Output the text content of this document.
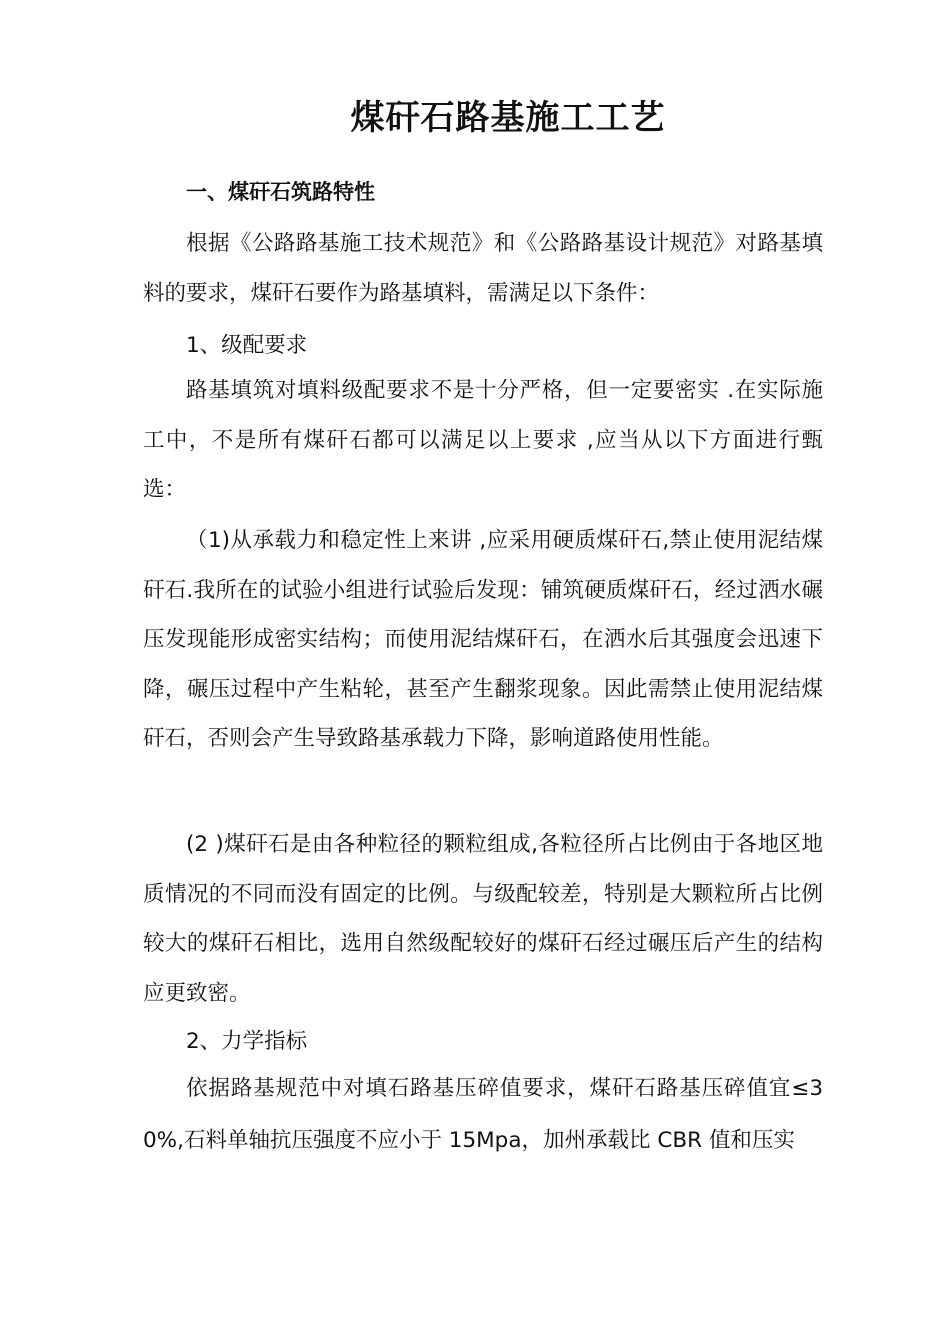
煤矸石路基施工工艺
一、煤矸石筑路特性

根据《公路路基施工技术规范》和《公路路基设计规范》对路基填料的要求，煤矸石要作为路基填料，需满足以下条件：

1、级配要求

路基填筑对填料级配要求不是十分严格，但一定要密实 .在实际施工中，不是所有煤矸石都可以满足以上要求 ,应当从以下方面进行甄选：

（1)从承载力和稳定性上来讲 ,应采用硬质煤矸石,禁止使用泥结煤矸石.我所在的试验小组进行试验后发现：铺筑硬质煤矸石，经过洒水碾压发现能形成密实结构；而使用泥结煤矸石，在洒水后其强度会迅速下降，碾压过程中产生粘轮，甚至产生翻浆现象。因此需禁止使用泥结煤矸石，否则会产生导致路基承载力下降，影响道路使用性能。

(2 )煤矸石是由各种粒径的颗粒组成,各粒径所占比例由于各地区地质情况的不同而没有固定的比例。与级配较差，特别是大颗粒所占比例较大的煤矸石相比，选用自然级配较好的煤矸石经过碾压后产生的结构应更致密。

2、力学指标

依据路基规范中对填石路基压碎值要求，煤矸石路基压碎值宜≤30%,石料单轴抗压强度不应小于 15Mpa，加州承载比 CBR 值和压实
